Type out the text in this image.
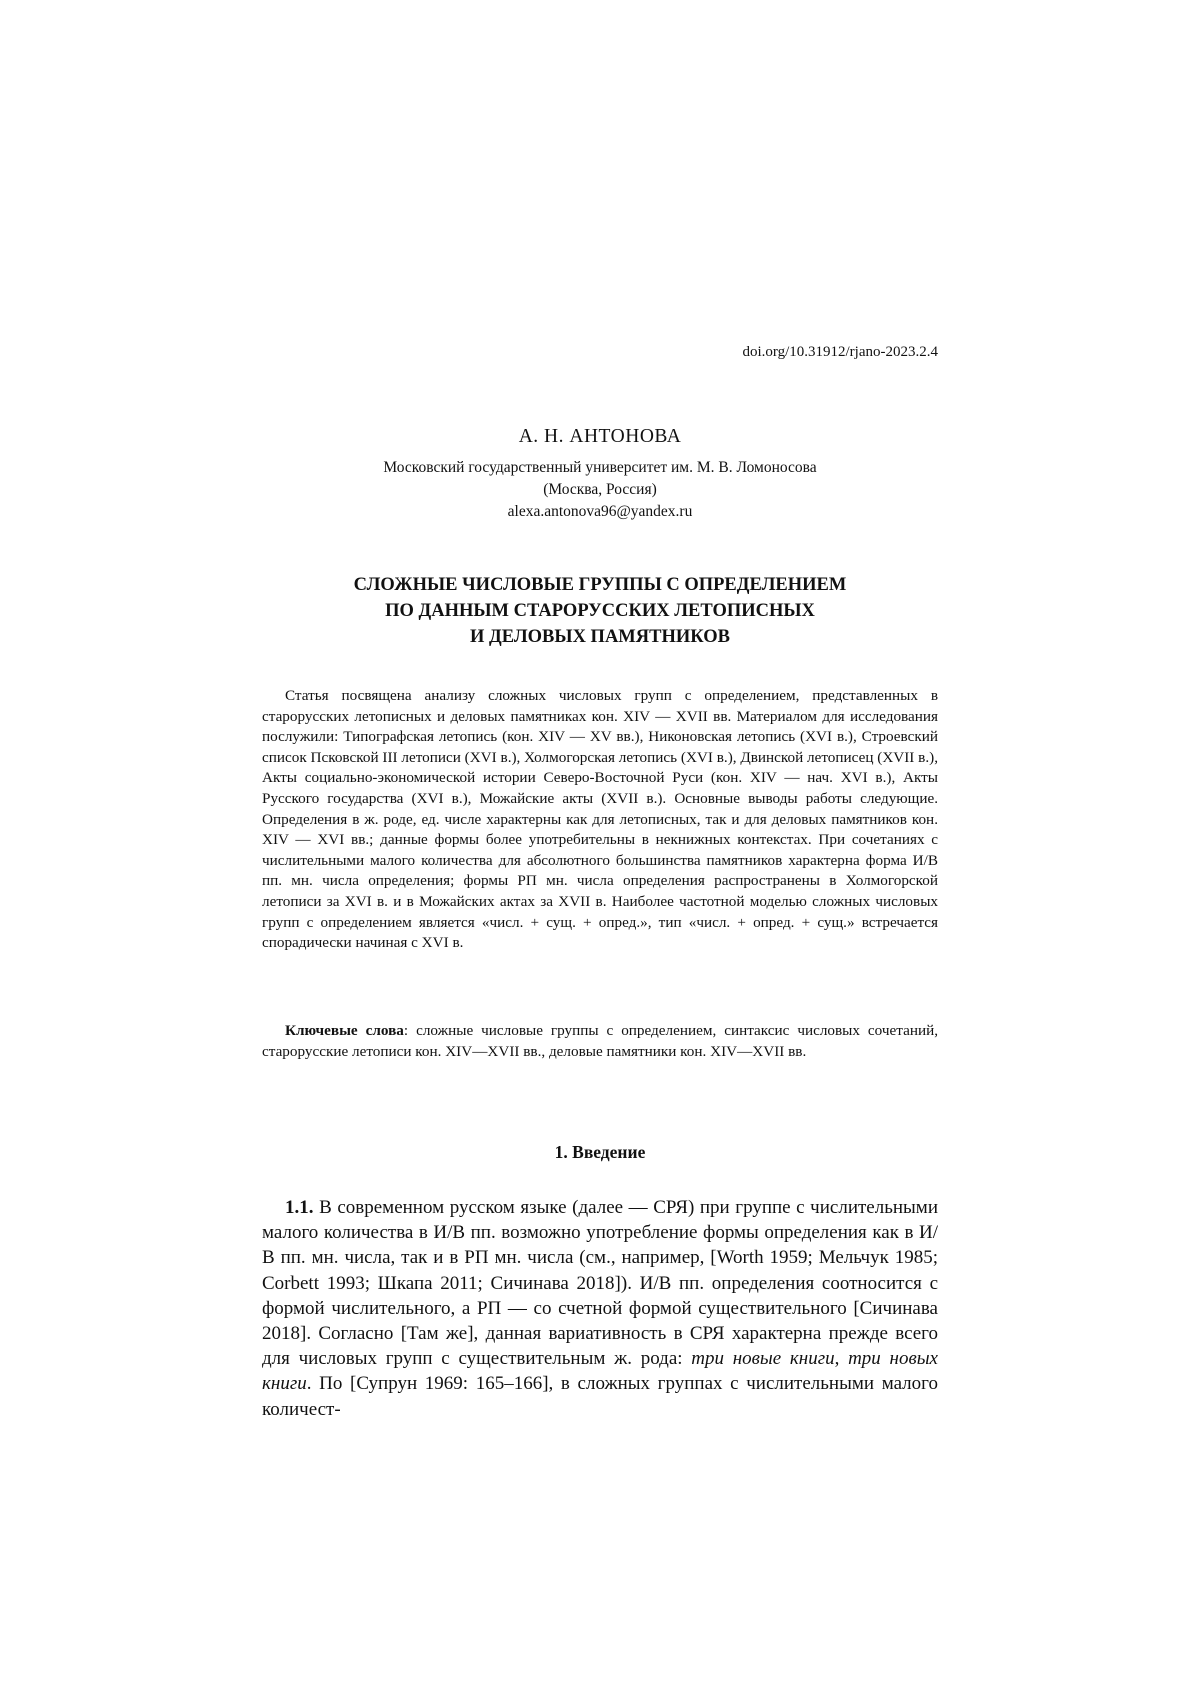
doi.org/10.31912/rjano-2023.2.4
А. Н. АНТОНОВА
Московский государственный университет им. М. В. Ломоносова
(Москва, Россия)
alexa.antonova96@yandex.ru
СЛОЖНЫЕ ЧИСЛОВЫЕ ГРУППЫ С ОПРЕДЕЛЕНИЕМ
ПО ДАННЫМ СТАРОРУССКИХ ЛЕТОПИСНЫХ
И ДЕЛОВЫХ ПАМЯТНИКОВ

Статья посвящена анализу сложных числовых групп с определением, представленных в старорусских летописных и деловых памятниках кон. XIV — XVII вв. Материалом для исследования послужили: Типографская летопись (кон. XIV — XV вв.), Никоновская летопись (XVI в.), Строевский список Псковской III летописи (XVI в.), Холмогорская летопись (XVI в.), Двинской летописец (XVII в.), Акты социально-экономической истории Северо-Восточной Руси (кон. XIV — нач. XVI в.), Акты Русского государства (XVI в.), Можайские акты (XVII в.). Основные выводы работы следующие. Определения в ж. роде, ед. числе характерны как для летописных, так и для деловых памятников кон. XIV — XVI вв.; данные формы более употребительны в некнижных контекстах. При сочетаниях с числительными малого количества для абсолютного большинства памятников характерна форма И/В пп. мн. числа определения; формы РП мн. числа определения распространены в Холмогорской летописи за XVI в. и в Можайских актах за XVII в. Наиболее частотной моделью сложных числовых групп с определением является «числ. + сущ. + опред.», тип «числ. + опред. + сущ.» встречается спорадически начиная с XVI в.

Ключевые слова: сложные числовые группы с определением, синтаксис числовых сочетаний, старорусские летописи кон. XIV—XVII вв., деловые памятники кон. XIV—XVII вв.

1. Введение

1.1. В современном русском языке (далее — СРЯ) при группе с числительными малого количества в И/В пп. возможно употребление формы определения как в И/В пп. мн. числа, так и в РП мн. числа (см., например, [Worth 1959; Мельчук 1985; Corbett 1993; Шкапа 2011; Сичинава 2018]). И/В пп. определения соотносится с формой числительного, а РП — со счетной формой существительного [Сичинава 2018]. Согласно [Там же], данная вариативность в СРЯ характерна прежде всего для числовых групп с существительным ж. рода: три новые книги, три новых книги. По [Супрун 1969: 165–166], в сложных группах с числительными малого количест-
